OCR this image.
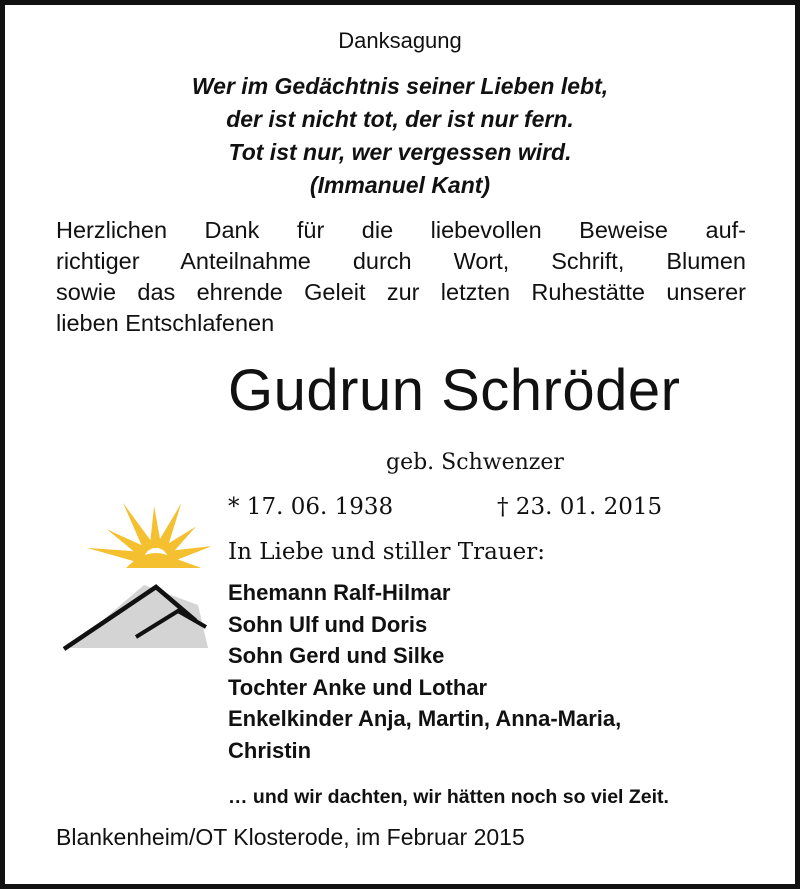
Danksagung
Wer im Gedächtnis seiner Lieben lebt,
der ist nicht tot, der ist nur fern.
Tot ist nur, wer vergessen wird.
(Immanuel Kant)
Herzlichen Dank für die liebevollen Beweise auf-
richtiger Anteilnahme durch Wort, Schrift, Blumen
sowie das ehrende Geleit zur letzten Ruhestätte unserer
lieben Entschlafenen
Gudrun Schröder
geb. Schwenzer
* 17. 06. 1938	† 23. 01. 2015
In Liebe und stiller Trauer:
Ehemann Ralf-Hilmar
Sohn Ulf und Doris
Sohn Gerd und Silke
Tochter Anke und Lothar
Enkelkinder Anja, Martin, Anna-Maria,
Christin
… und wir dachten, wir hätten noch so viel Zeit.
Blankenheim/OT Klosterode, im Februar 2015
